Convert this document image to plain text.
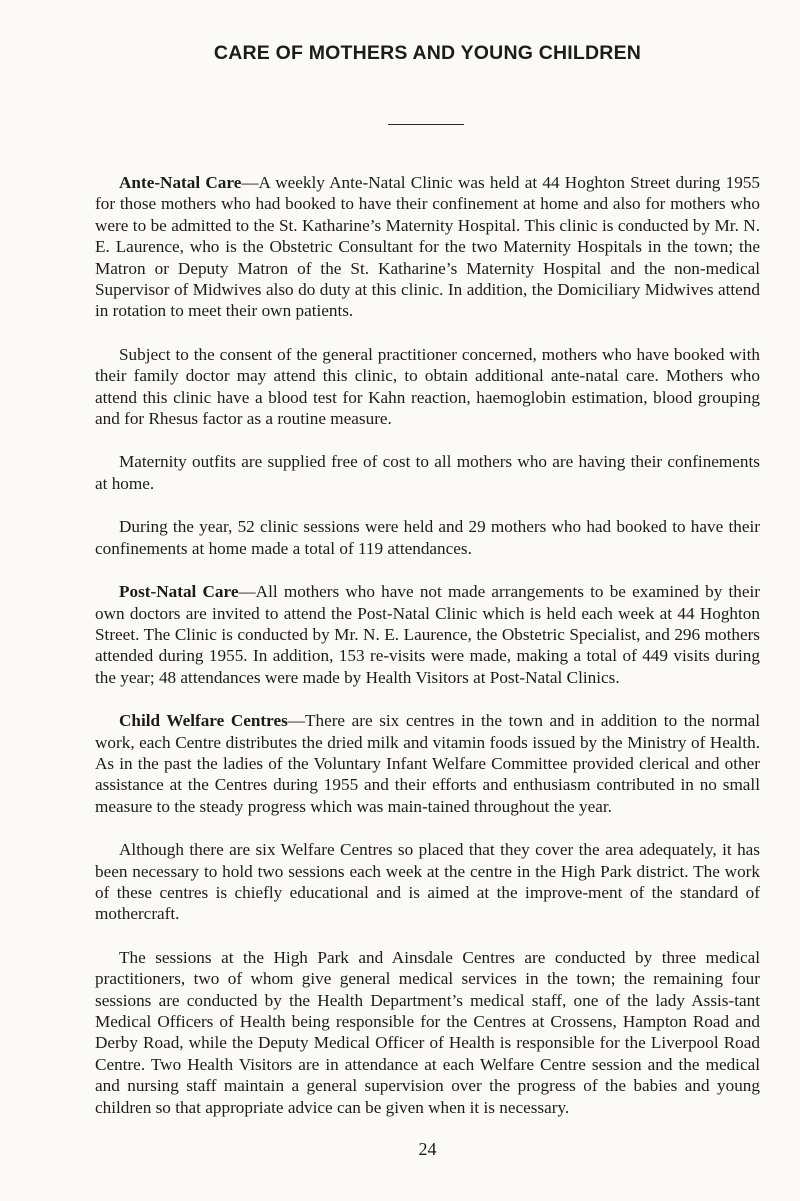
CARE OF MOTHERS AND YOUNG CHILDREN

Ante-Natal Care—A weekly Ante-Natal Clinic was held at 44 Hoghton Street during 1955 for those mothers who had booked to have their confinement at home and also for mothers who were to be admitted to the St. Katharine’s Maternity Hospital. This clinic is conducted by Mr. N. E. Laurence, who is the Obstetric Consultant for the two Maternity Hospitals in the town; the Matron or Deputy Matron of the St. Katharine’s Maternity Hospital and the non-medical Supervisor of Midwives also do duty at this clinic. In addition, the Domiciliary Midwives attend in rotation to meet their own patients.

Subject to the consent of the general practitioner concerned, mothers who have booked with their family doctor may attend this clinic, to obtain additional ante-natal care. Mothers who attend this clinic have a blood test for Kahn reaction, haemoglobin estimation, blood grouping and for Rhesus factor as a routine measure.

Maternity outfits are supplied free of cost to all mothers who are having their confinements at home.

During the year, 52 clinic sessions were held and 29 mothers who had booked to have their confinements at home made a total of 119 attendances.

Post-Natal Care—All mothers who have not made arrangements to be examined by their own doctors are invited to attend the Post-Natal Clinic which is held each week at 44 Hoghton Street. The Clinic is conducted by Mr. N. E. Laurence, the Obstetric Specialist, and 296 mothers attended during 1955. In addition, 153 re-visits were made, making a total of 449 visits during the year; 48 attendances were made by Health Visitors at Post-Natal Clinics.

Child Welfare Centres—There are six centres in the town and in addition to the normal work, each Centre distributes the dried milk and vitamin foods issued by the Ministry of Health. As in the past the ladies of the Voluntary Infant Welfare Committee provided clerical and other assistance at the Centres during 1955 and their efforts and enthusiasm contributed in no small measure to the steady progress which was main-tained throughout the year.

Although there are six Welfare Centres so placed that they cover the area adequately, it has been necessary to hold two sessions each week at the centre in the High Park district. The work of these centres is chiefly educational and is aimed at the improve-ment of the standard of mothercraft.

The sessions at the High Park and Ainsdale Centres are conducted by three medical practitioners, two of whom give general medical services in the town; the remaining four sessions are conducted by the Health Department’s medical staff, one of the lady Assis-tant Medical Officers of Health being responsible for the Centres at Crossens, Hampton Road and Derby Road, while the Deputy Medical Officer of Health is responsible for the Liverpool Road Centre. Two Health Visitors are in attendance at each Welfare Centre session and the medical and nursing staff maintain a general supervision over the progress of the babies and young children so that appropriate advice can be given when it is necessary.

24
